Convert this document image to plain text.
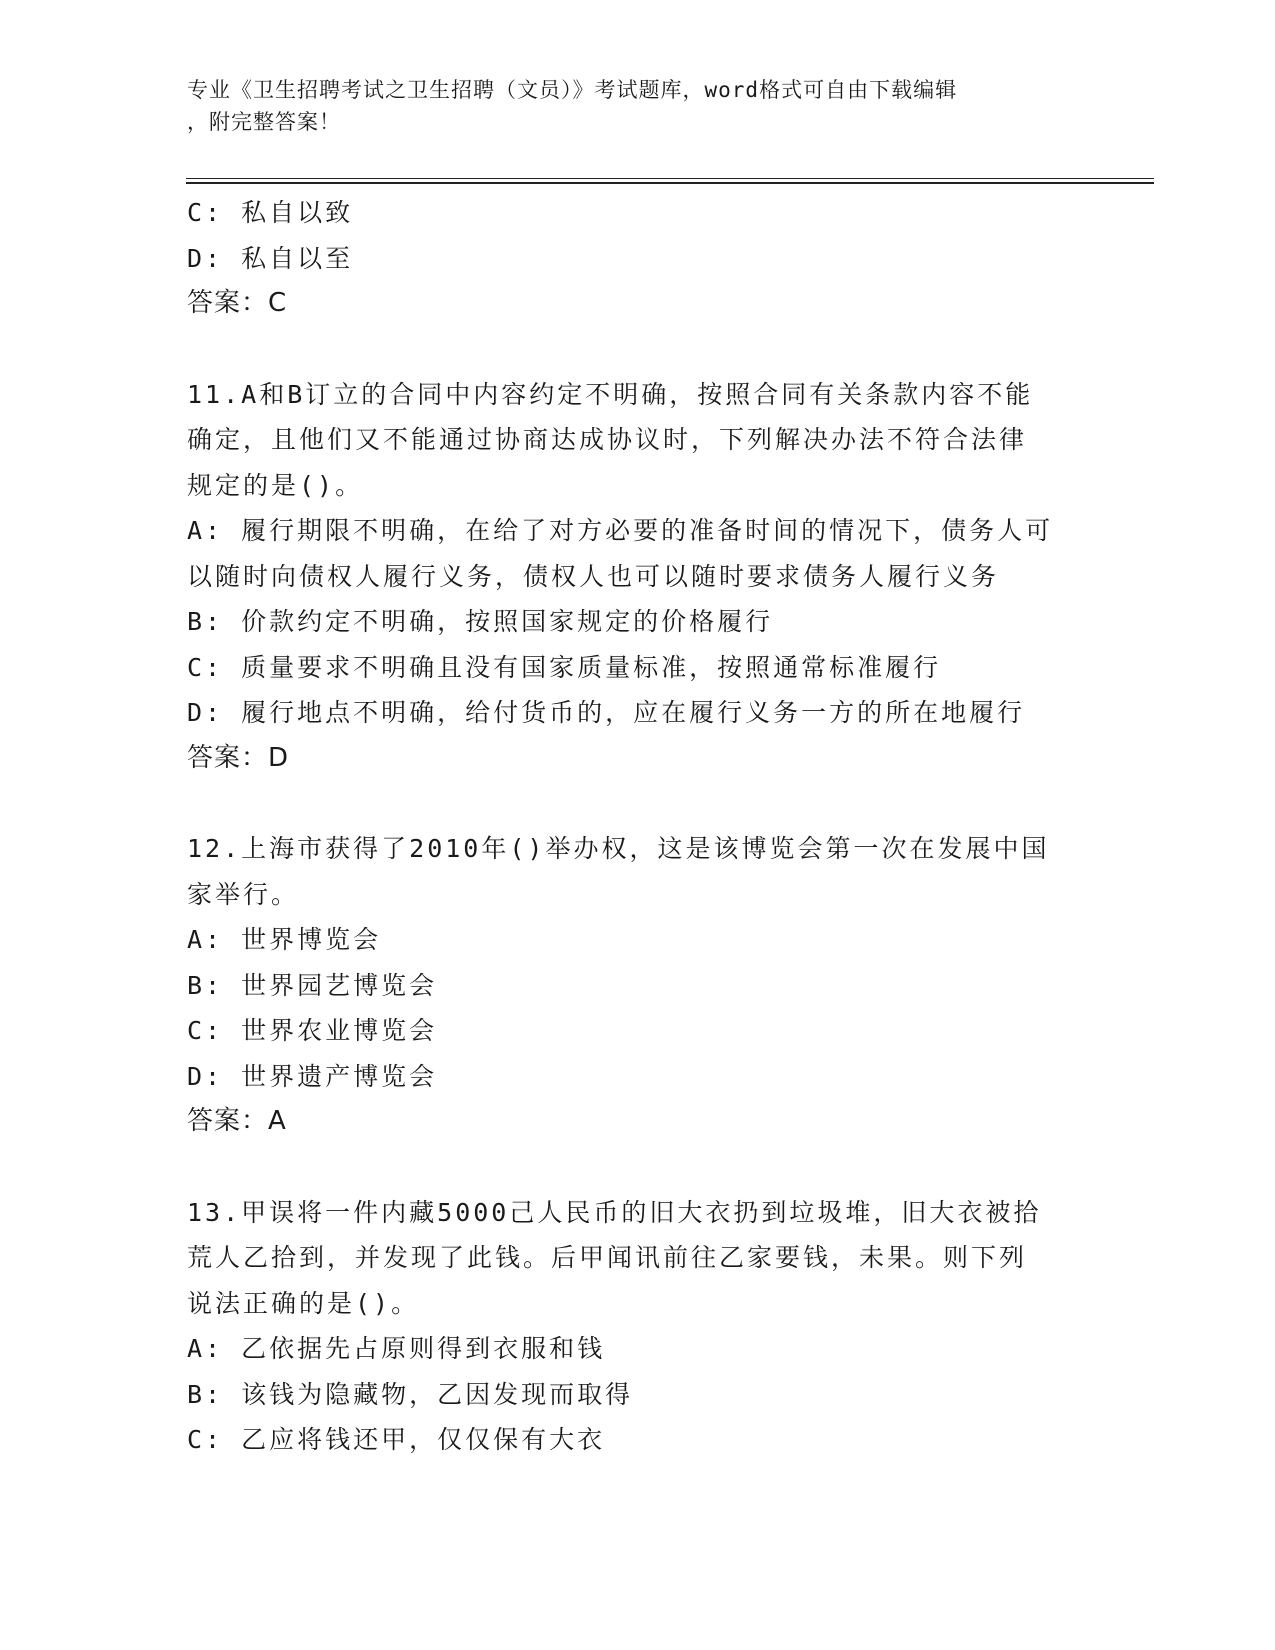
专业《卫生招聘考试之卫生招聘（文员）》考试题库，word格式可自由下载编辑
，附完整答案！
C: 私自以致
D: 私自以至
答案：C
11.A和B订立的合同中内容约定不明确，按照合同有关条款内容不能
确定，且他们又不能通过协商达成协议时，下列解决办法不符合法律
规定的是()。
A: 履行期限不明确，在给了对方必要的准备时间的情况下，债务人可
以随时向债权人履行义务，债权人也可以随时要求债务人履行义务
B: 价款约定不明确，按照国家规定的价格履行
C: 质量要求不明确且没有国家质量标准，按照通常标准履行
D: 履行地点不明确，给付货币的，应在履行义务一方的所在地履行
答案：D
12.上海市获得了2010年()举办权，这是该博览会第一次在发展中国
家举行。
A: 世界博览会
B: 世界园艺博览会
C: 世界农业博览会
D: 世界遗产博览会
答案：A
13.甲误将一件内藏5000己人民币的旧大衣扔到垃圾堆，旧大衣被拾
荒人乙拾到，并发现了此钱。后甲闻讯前往乙家要钱，未果。则下列
说法正确的是()。
A: 乙依据先占原则得到衣服和钱
B: 该钱为隐藏物，乙因发现而取得
C: 乙应将钱还甲，仅仅保有大衣
